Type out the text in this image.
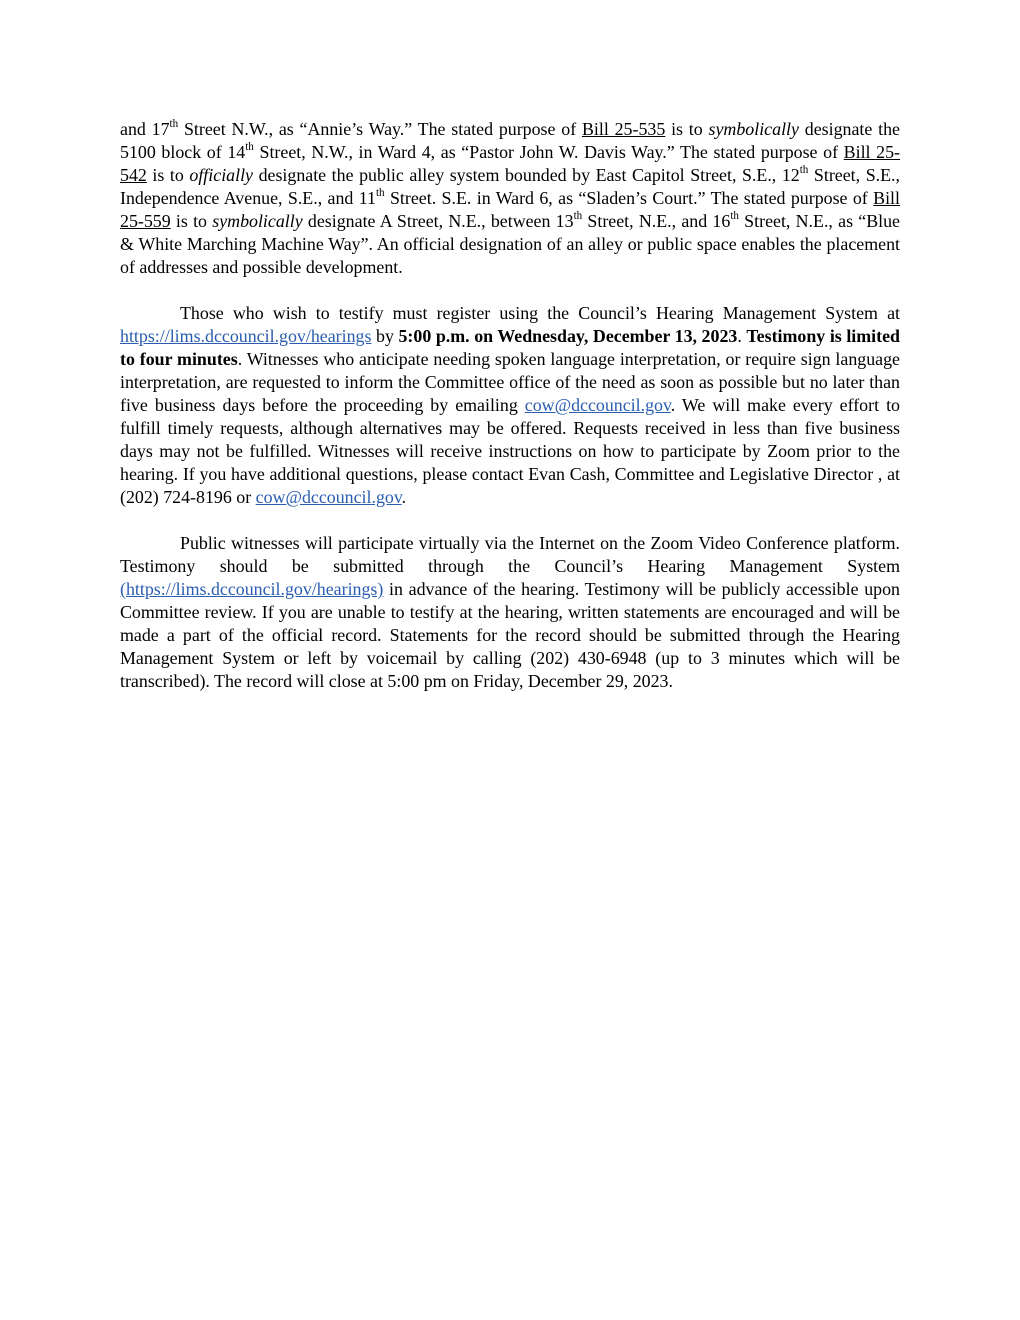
and 17th Street N.W., as “Annie’s Way.” The stated purpose of Bill 25-535 is to symbolically designate the 5100 block of 14th Street, N.W., in Ward 4, as “Pastor John W. Davis Way.” The stated purpose of Bill 25-542 is to officially designate the public alley system bounded by East Capitol Street, S.E., 12th Street, S.E., Independence Avenue, S.E., and 11th Street. S.E. in Ward 6, as “Sladen’s Court.” The stated purpose of Bill 25-559 is to symbolically designate A Street, N.E., between 13th Street, N.E., and 16th Street, N.E., as “Blue & White Marching Machine Way”. An official designation of an alley or public space enables the placement of addresses and possible development.

Those who wish to testify must register using the Council’s Hearing Management System at https://lims.dccouncil.gov/hearings by 5:00 p.m. on Wednesday, December 13, 2023. Testimony is limited to four minutes. Witnesses who anticipate needing spoken language interpretation, or require sign language interpretation, are requested to inform the Committee office of the need as soon as possible but no later than five business days before the proceeding by emailing cow@dccouncil.gov. We will make every effort to fulfill timely requests, although alternatives may be offered. Requests received in less than five business days may not be fulfilled. Witnesses will receive instructions on how to participate by Zoom prior to the hearing. If you have additional questions, please contact Evan Cash, Committee and Legislative Director , at (202) 724-8196 or cow@dccouncil.gov.

Public witnesses will participate virtually via the Internet on the Zoom Video Conference platform. Testimony should be submitted through the Council’s Hearing Management System (https://lims.dccouncil.gov/hearings) in advance of the hearing. Testimony will be publicly accessible upon Committee review. If you are unable to testify at the hearing, written statements are encouraged and will be made a part of the official record. Statements for the record should be submitted through the Hearing Management System or left by voicemail by calling (202) 430-6948 (up to 3 minutes which will be transcribed). The record will close at 5:00 pm on Friday, December 29, 2023.
